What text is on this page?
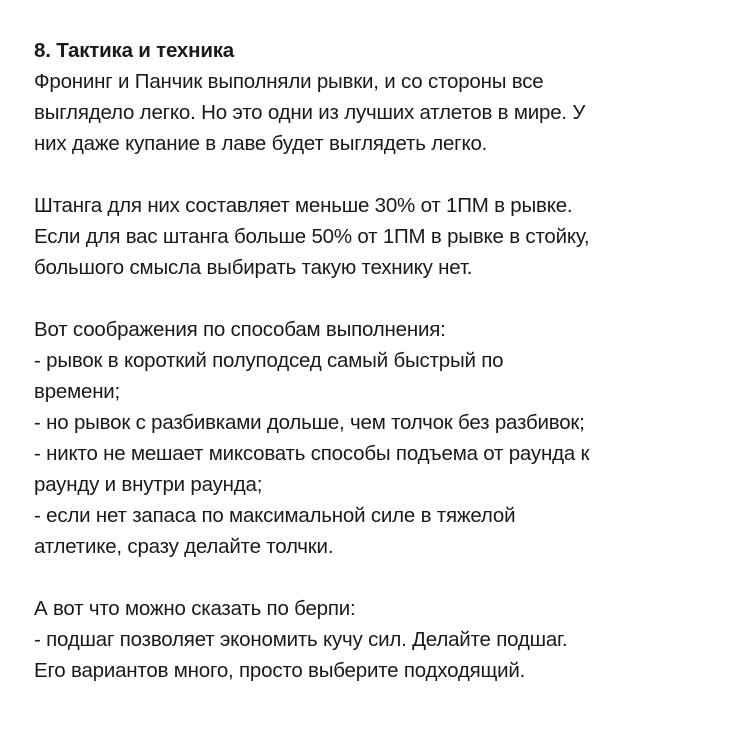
8. Тактика и техника
Фронинг и Панчик выполняли рывки, и со стороны все
выглядело легко. Но это одни из лучших атлетов в мире. У
них даже купание в лаве будет выглядеть легко.
Штанга для них составляет меньше 30% от 1ПМ в рывке.
Если для вас штанга больше 50% от 1ПМ в рывке в стойку,
большого смысла выбирать такую технику нет.
Вот соображения по способам выполнения:
- рывок в короткий полуподсед самый быстрый по
времени;
- но рывок с разбивками дольше, чем толчок без разбивок;
- никто не мешает миксовать способы подъема от раунда к
раунду и внутри раунда;
- если нет запаса по максимальной силе в тяжелой
атлетике, сразу делайте толчки.
А вот что можно сказать по берпи:
- подшаг позволяет экономить кучу сил. Делайте подшаг.
Его вариантов много, просто выберите подходящий.
